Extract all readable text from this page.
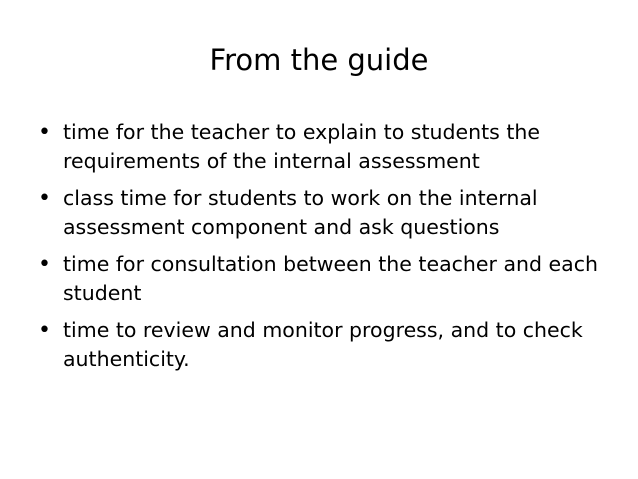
From the guide
• time for the teacher to explain to students the requirements of the internal assessment
• class time for students to work on the internal assessment component and ask questions
• time for consultation between the teacher and each student
• time to review and monitor progress, and to check authenticity.
